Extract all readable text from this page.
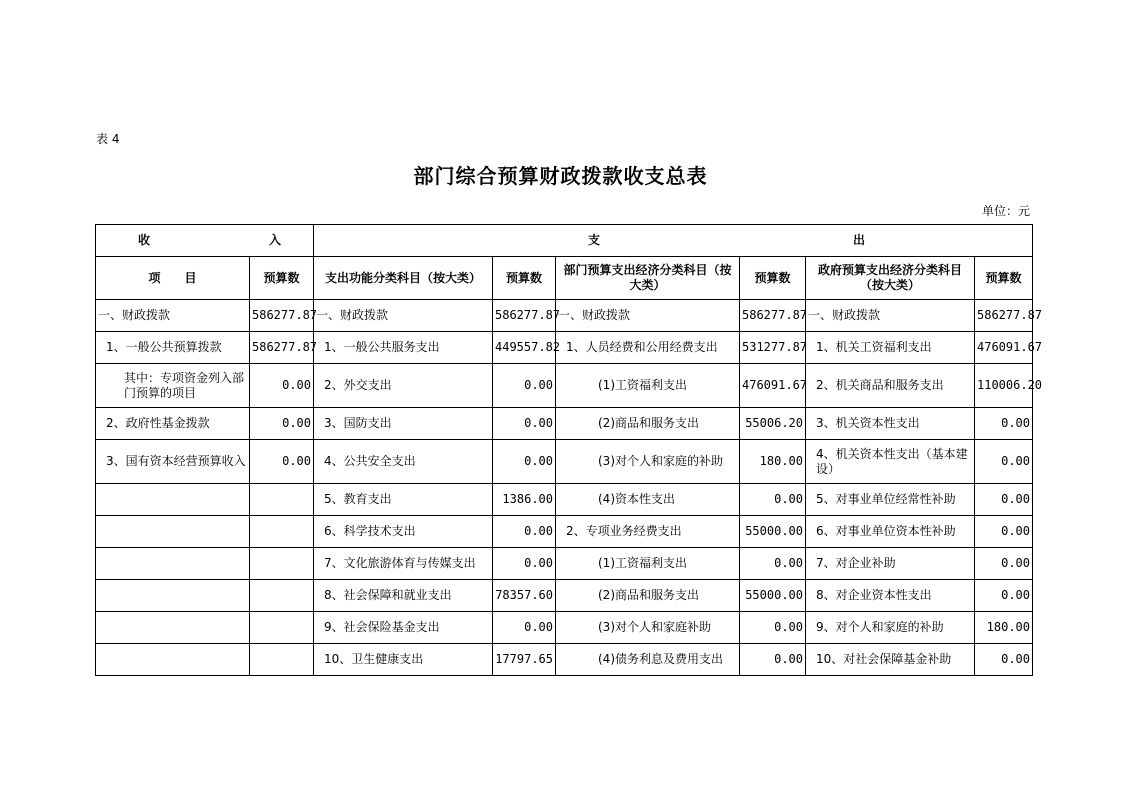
表 4
部门综合预算财政拨款收支总表
单位：元
收 入		支 出					

项　　目	预算数	支出功能分类科目（按大类）	预算数	部门预算支出经济分类科目（按大类）	预算数	政府预算支出经济分类科目（按大类）	预算数
一、财政拨款	586277.87	一、财政拨款	586277.87	一、财政拨款	586277.87	一、财政拨款	586277.87
1、一般公共预算拨款	586277.87	1、一般公共服务支出	449557.82	1、人员经费和公用经费支出	531277.87	1、机关工资福利支出	476091.67
其中：专项资金列入部门预算的项目	0.00	2、外交支出	0.00	(1)工资福利支出	476091.67	2、机关商品和服务支出	110006.20
2、政府性基金拨款	0.00	3、国防支出	0.00	(2)商品和服务支出	55006.20	3、机关资本性支出	0.00
3、国有资本经营预算收入	0.00	4、公共安全支出	0.00	(3)对个人和家庭的补助	180.00	4、机关资本性支出（基本建设）	0.00
		5、教育支出	1386.00	(4)资本性支出	0.00	5、对事业单位经常性补助	0.00
		6、科学技术支出	0.00	2、专项业务经费支出	55000.00	6、对事业单位资本性补助	0.00
		7、文化旅游体育与传媒支出	0.00	(1)工资福利支出	0.00	7、对企业补助	0.00
		8、社会保障和就业支出	78357.60	(2)商品和服务支出	55000.00	8、对企业资本性支出	0.00
		9、社会保险基金支出	0.00	(3)对个人和家庭补助	0.00	9、对个人和家庭的补助	180.00
		10、卫生健康支出	17797.65	(4)债务利息及费用支出	0.00	10、对社会保障基金补助	0.00
